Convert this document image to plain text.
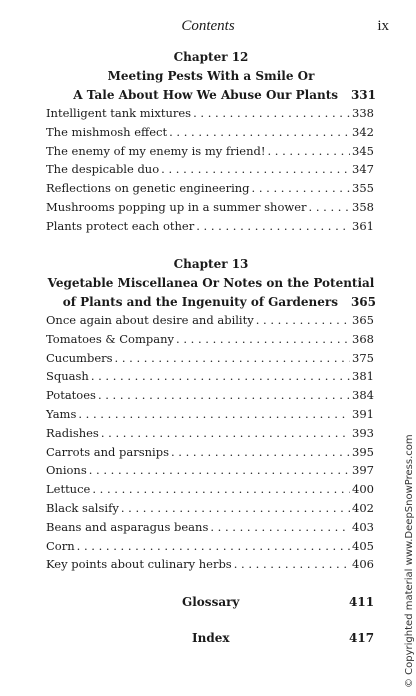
Contents	ix
Chapter 12
Meeting Pests With a Smile Or
A Tale About How We Abuse Our Plants 331
Intelligent tank mixtures . . .	338
The mishmosh effect . . .	342
The enemy of my enemy is my friend! . . .	345
The despicable duo . . .	347
Reflections on genetic engineering . . .	355
Mushrooms popping up in a summer shower . . .	358
Plants protect each other . . .	361
Chapter 13
Vegetable Miscellanea Or Notes on the Potential
of Plants and the Ingenuity of Gardeners 365
Once again about desire and ability . . .	365
Tomatoes & Company . . .	368
Cucumbers . . .	375
Squash . . .	381
Potatoes . . .	384
Yams . . .	391
Radishes . . .	393
Carrots and parsnips . . .	395
Onions . . .	397
Lettuce . . .	400
Black salsify . . .	402
Beans and asparagus beans . . .	403
Corn . . .	405
Key points about culinary herbs . . .	406
Glossary	411
Index	417	© Copyrighted material www.DeepSnowPress.com
